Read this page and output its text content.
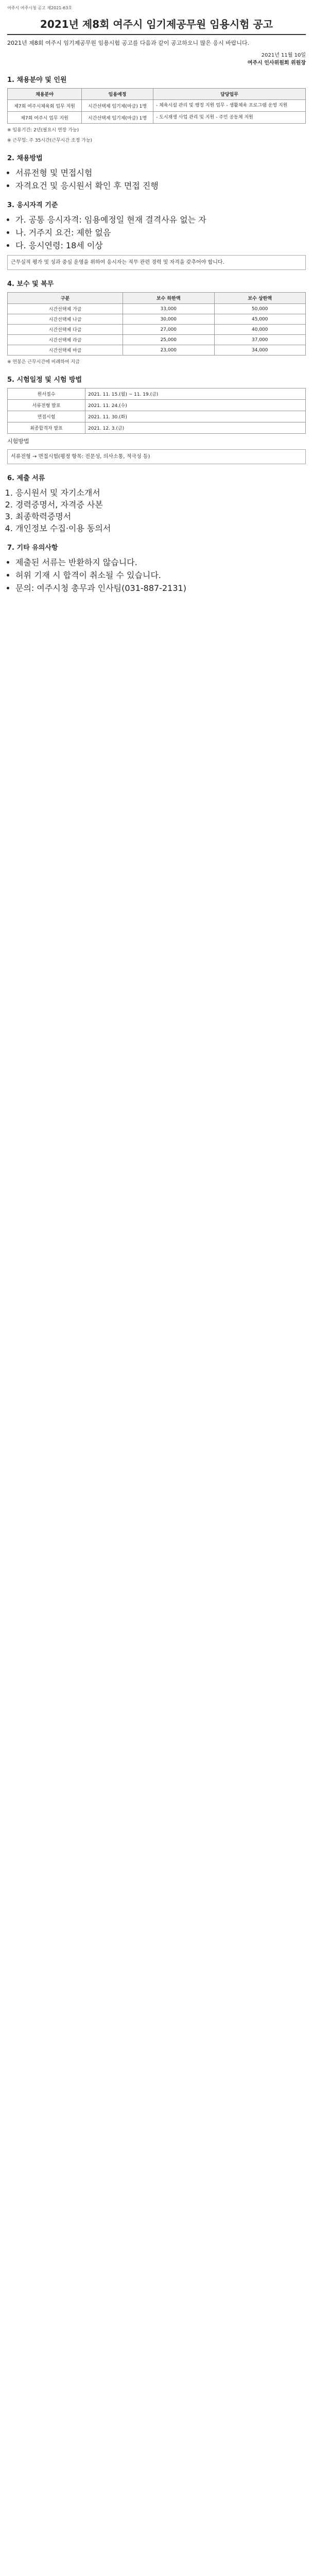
여주시 여주시청 공고 제2021-63호
2021년 제8회 여주시 임기제공무원 임용시험 공고
2021년 제8회 여주시 임기제공무원 임용시험 공고를 다음과 같이 공고하오니 많은 응시 바랍니다.
2021년 11월 10일
여주시 인사위원회 위원장
1. 채용분야 및 인원
채용분야	임용예정	담당업무
제7회 여주시체육회 업무 지원	시간선택제 임기제(마급) 1명	- 체육시설 관리 및 행정 지원 업무 - 생활체육 프로그램 운영 지원
제7회 여주시 업무 지원	시간선택제 임기제(마급) 1명	- 도시재생 사업 관리 및 지원 - 주민 공동체 지원
※ 임용기간: 2년(필요시 연장 가능)
※ 근무일: 주 35시간(근무시간 조정 가능)
2. 채용방법
• 서류전형 및 면접시험
• 자격요건 및 응시원서 확인 후 면접 진행
3. 응시자격 기준
• 가. 공통 응시자격: 임용예정일 현재 결격사유 없는 자
• 나. 거주지 요건: 제한 없음
• 다. 응시연령: 18세 이상
근무실적 평가 및 성과 중심 운영을 위하여 응시자는 직무 관련 경력 및 자격을 갖추어야 합니다.
4. 보수 및 복무
구분	보수 하한액	보수 상한액
시간선택제 가급	33,000	50,000
시간선택제 나급	30,000	45,000
시간선택제 다급	27,000	40,000
시간선택제 라급	25,000	37,000
시간선택제 마급	23,000	34,000
※ 연봉은 근무시간에 비례하여 지급
5. 시험일정 및 시험 방법
원서접수	2021. 11. 15.(월) ~ 11. 19.(금)
서류전형 발표	2021. 11. 24.(수)
면접시험	2021. 11. 30.(화)
최종합격자 발표	2021. 12. 3.(금)
시험방법
서류전형 → 면접시험(평정 항목: 전문성, 의사소통, 적극성 등)
6. 제출 서류
1. 응시원서 및 자기소개서
2. 경력증명서, 자격증 사본
3. 최종학력증명서
4. 개인정보 수집·이용 동의서
7. 기타 유의사항
• 제출된 서류는 반환하지 않습니다.
• 허위 기재 시 합격이 취소될 수 있습니다.
• 문의: 여주시청 총무과 인사팀(031-887-2131)
